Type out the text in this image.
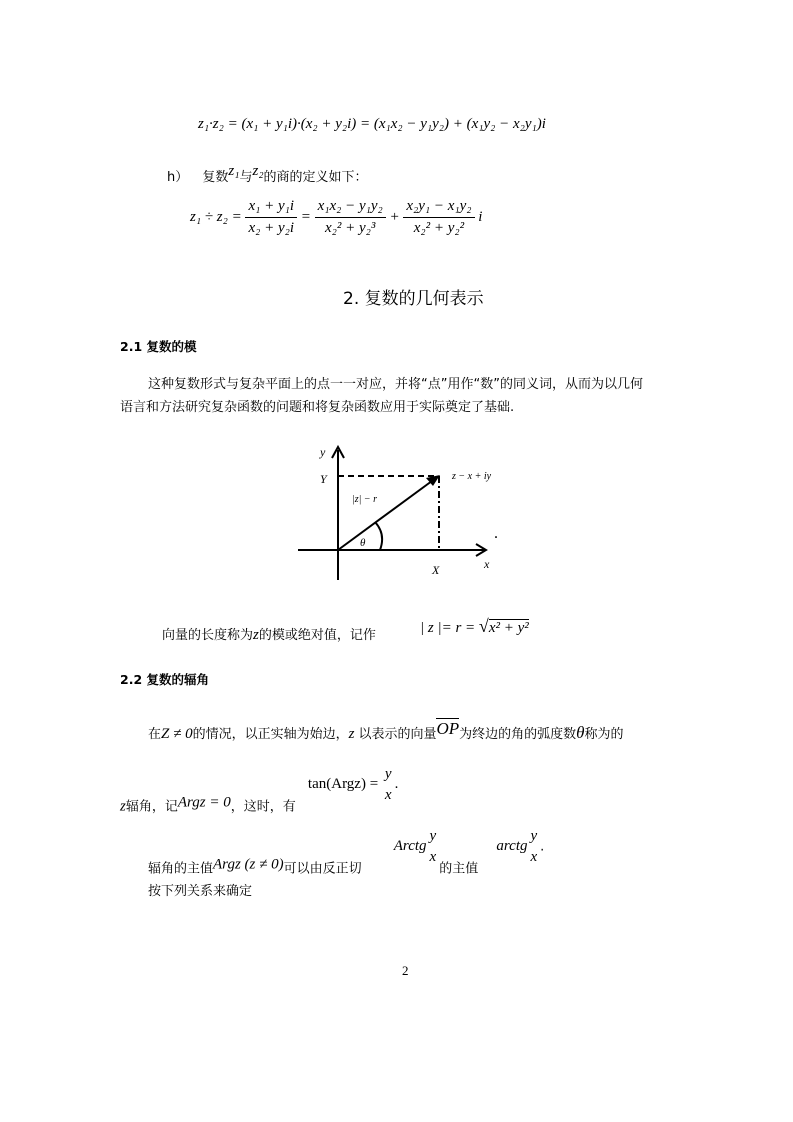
z₁·z₂ = (x₁ + y₁i)·(x₂ + y₂i) = (x₁x₂ − y₁y₂) + (x₁y₂ − x₂y₁)i
h） 复数z₁与z₂的商的定义如下：
$z_1 \div z_2 = \frac{\text{x₁ + y₁i}}{\text{x₂ + y₂i}} = \frac{\text{x₁x₂ − y₁y₂}}{\text{x₂² + y₂³}} + \frac{\text{x₂y₁ − x₁y₂}}{\text{x₂² + y₂²}}$ i
2. 复数的几何表示
2.1 复数的模
这种复数形式与复杂平面上的点一一对应，并将“点”用作“数”的同义词，从而为以几何
语言和方法研究复杂函数的问题和将复杂函数应用于实际奠定了基础.
y
Y
|z| − r
θ
z − x + iy
X	x
.
向量的长度称为z的模或绝对值，记作	| z |= r = √x² + y²
2.2 复数的辐角
在Z ≠ 0的情况，以正实轴为始边，z 以表示的向量OP为终边的角的弧度数θ称为的
z辐角，记Argz = 0，这时，有 tan(Argz) =
y
x
.
辐角的主值Argz (z ≠ 0)可以由反正切 Arctg
y
x
的主值 arctg
y
x
.
按下列关系来确定
2
